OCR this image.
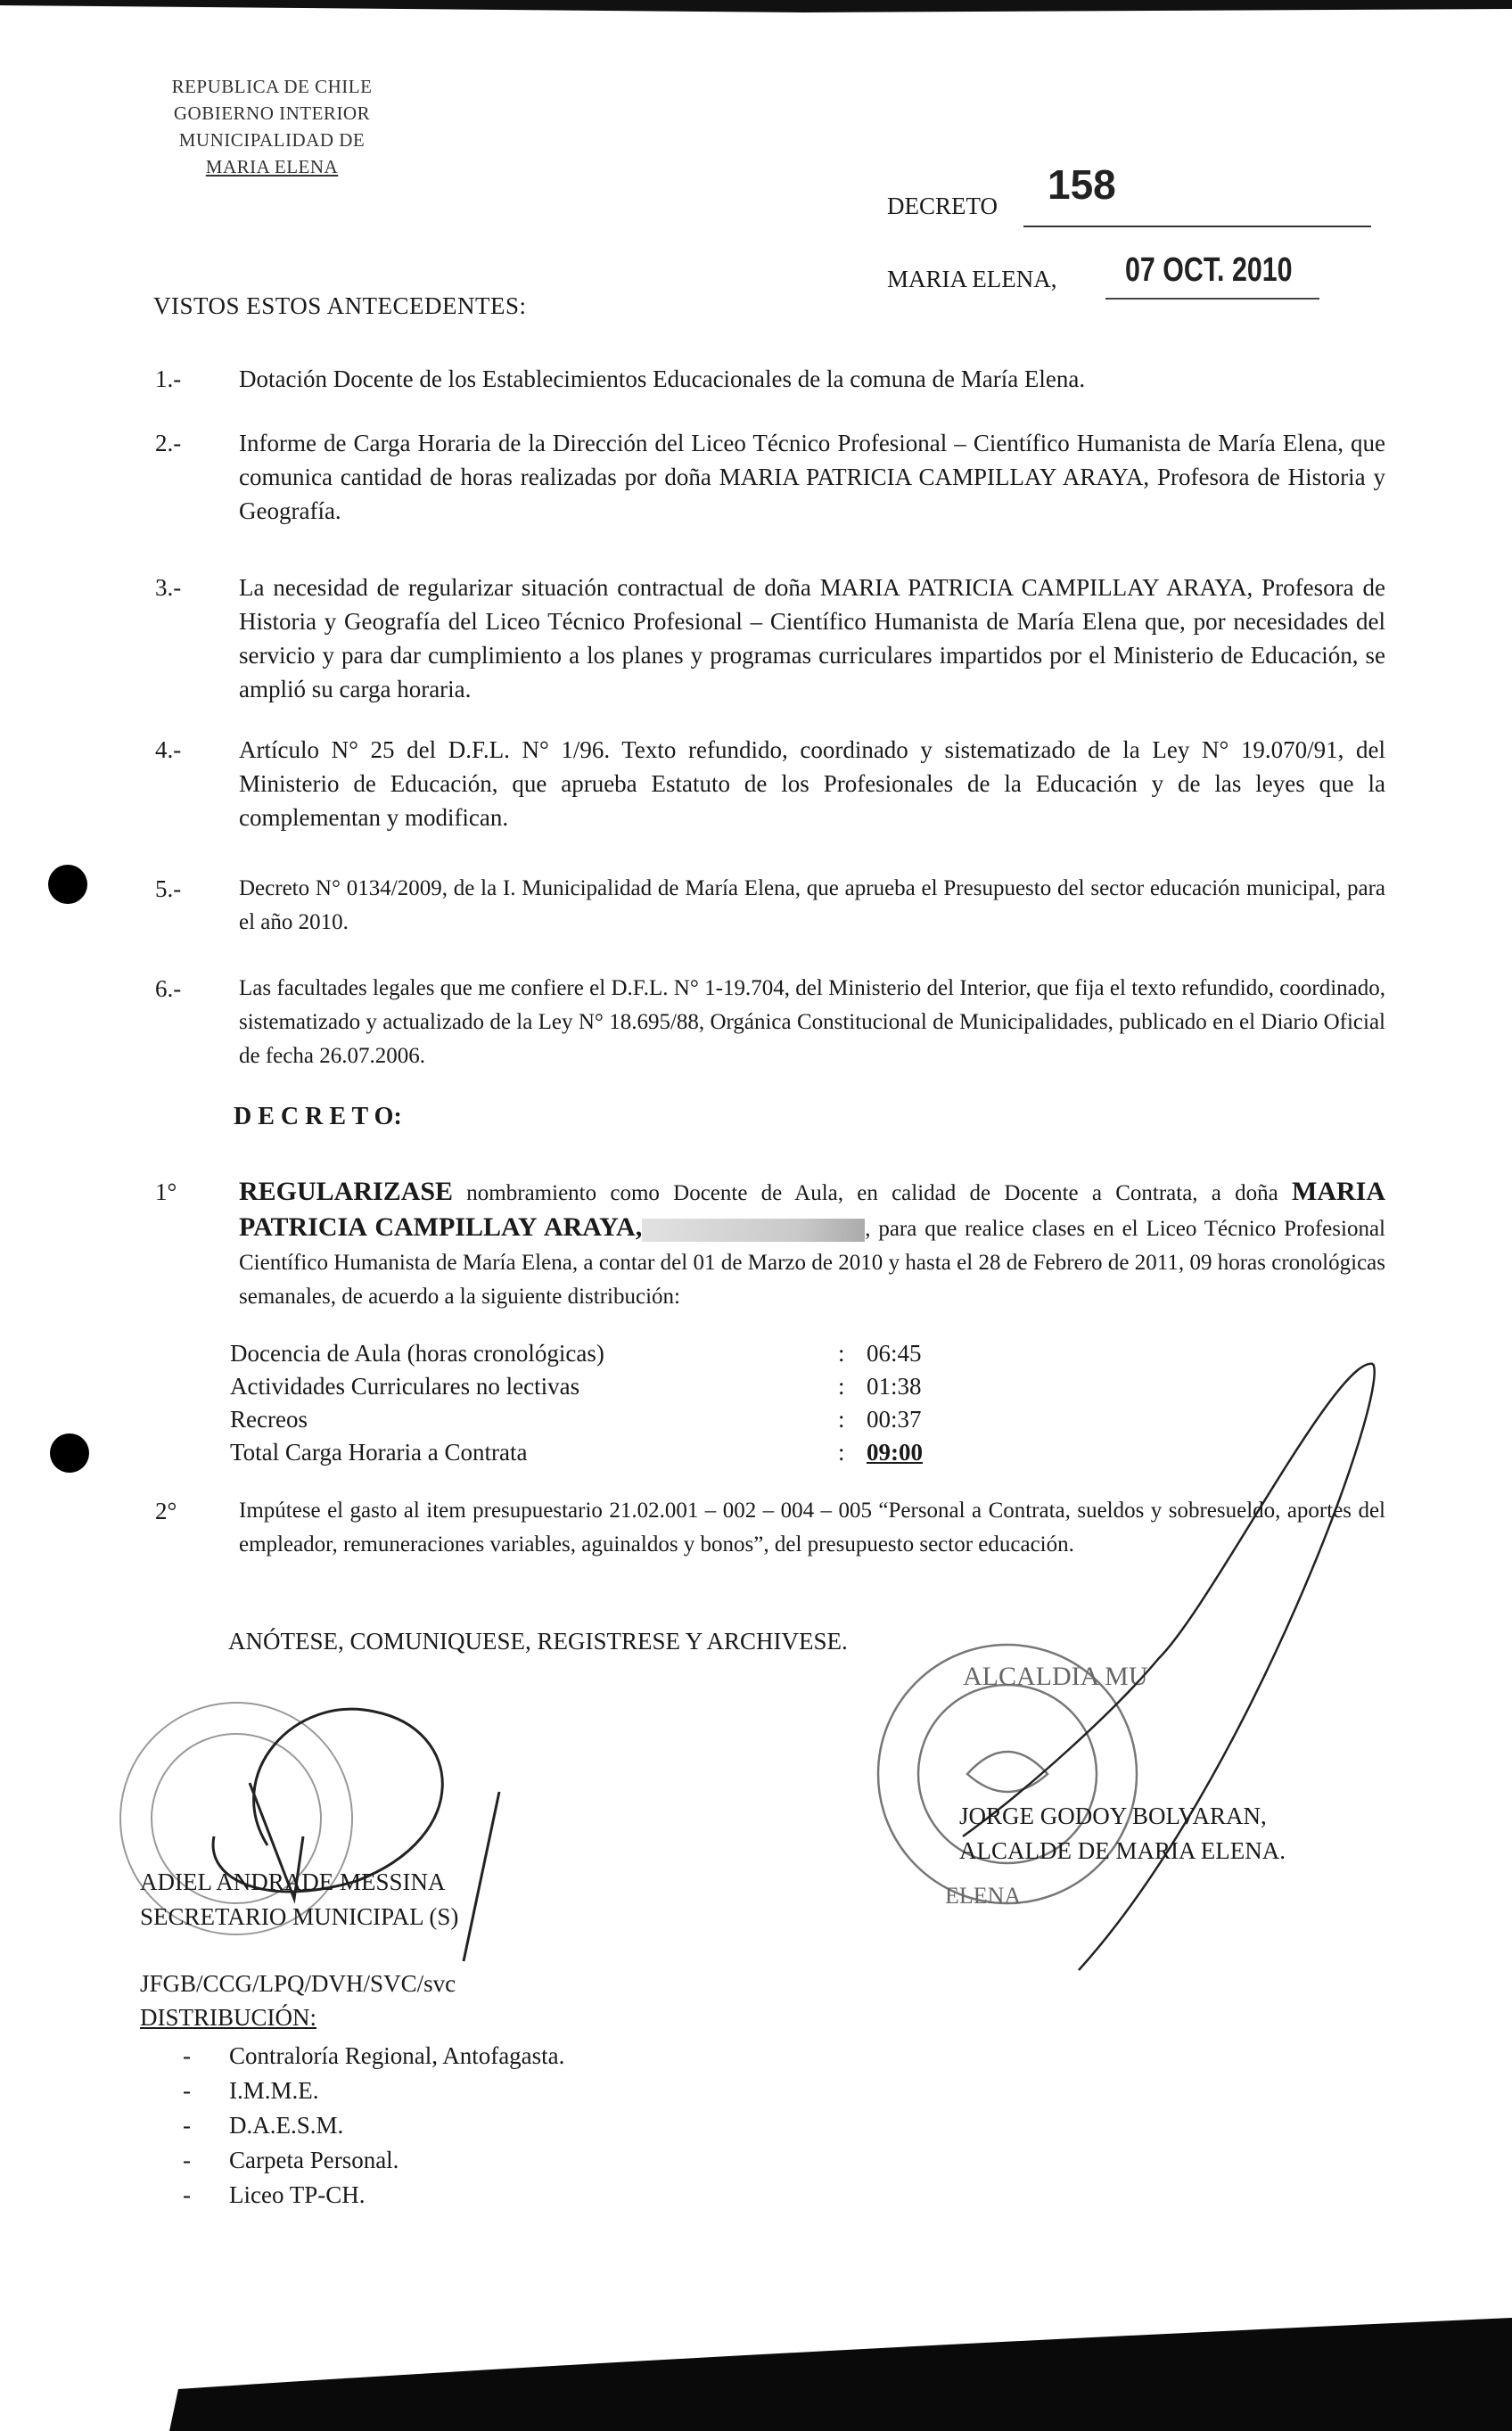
ALCALDIA MU
ELENA
REPUBLICA DE CHILE
GOBIERNO INTERIOR
MUNICIPALIDAD DE
MARIA ELENA
DECRETO 158
MARIA ELENA, 07 OCT. 2010
VISTOS ESTOS ANTECEDENTES:
1.-	Dotación Docente de los Establecimientos Educacionales de la comuna de María Elena.
2.-	Informe de Carga Horaria de la Dirección del Liceo Técnico Profesional – Científico Humanista de María Elena, que comunica cantidad de horas realizadas por doña MARIA PATRICIA CAMPILLAY ARAYA, Profesora de Historia y Geografía.
3.-	La necesidad de regularizar situación contractual de doña MARIA PATRICIA CAMPILLAY ARAYA, Profesora de Historia y Geografía del Liceo Técnico Profesional – Científico Humanista de María Elena que, por necesidades del servicio y para dar cumplimiento a los planes y programas curriculares impartidos por el Ministerio de Educación, se amplió su carga horaria.
4.-	Artículo N° 25 del D.F.L. N° 1/96. Texto refundido, coordinado y sistematizado de la Ley N° 19.070/91, del Ministerio de Educación, que aprueba Estatuto de los Profesionales de la Educación y de las leyes que la complementan y modifican.
5.-	Decreto N° 0134/2009, de la I. Municipalidad de María Elena, que aprueba el Presupuesto del sector educación municipal, para el año 2010.
6.-	Las facultades legales que me confiere el D.F.L. N° 1-19.704, del Ministerio del Interior, que fija el texto refundido, coordinado, sistematizado y actualizado de la Ley N° 18.695/88, Orgánica Constitucional de Municipalidades, publicado en el Diario Oficial de fecha 26.07.2006.
D E C R E T O:
1°	REGULARIZASE nombramiento como Docente de Aula, en calidad de Docente a Contrata, a doña MARIA PATRICIA CAMPILLAY ARAYA,	, para que realice clases en el Liceo Técnico Profesional Científico Humanista de María Elena, a contar del 01 de Marzo de 2010 y hasta el 28 de Febrero de 2011, 09 horas cronológicas semanales, de acuerdo a la siguiente distribución:
Docencia de Aula (horas cronológicas)	: 06:45
Actividades Curriculares no lectivas	: 01:38
Recreos	: 00:37
Total Carga Horaria a Contrata	: 09:00
2°	Impútese el gasto al item presupuestario 21.02.001 – 002 – 004 – 005 “Personal a Contrata, sueldos y sobresueldo, aportes del empleador, remuneraciones variables, aguinaldos y bonos”, del presupuesto sector educación.
ANÓTESE, COMUNIQUESE, REGISTRESE Y ARCHIVESE.
ADIEL ANDRADE MESSINA
SECRETARIO MUNICIPAL (S)
JORGE GODOY BOLVARAN,
ALCALDE DE MARIA ELENA.
JFGB/CCG/LPQ/DVH/SVC/svc
DISTRIBUCIÓN:
- Contraloría Regional, Antofagasta.
- I.M.M.E.
- D.A.E.S.M.
- Carpeta Personal.
- Liceo TP-CH.
